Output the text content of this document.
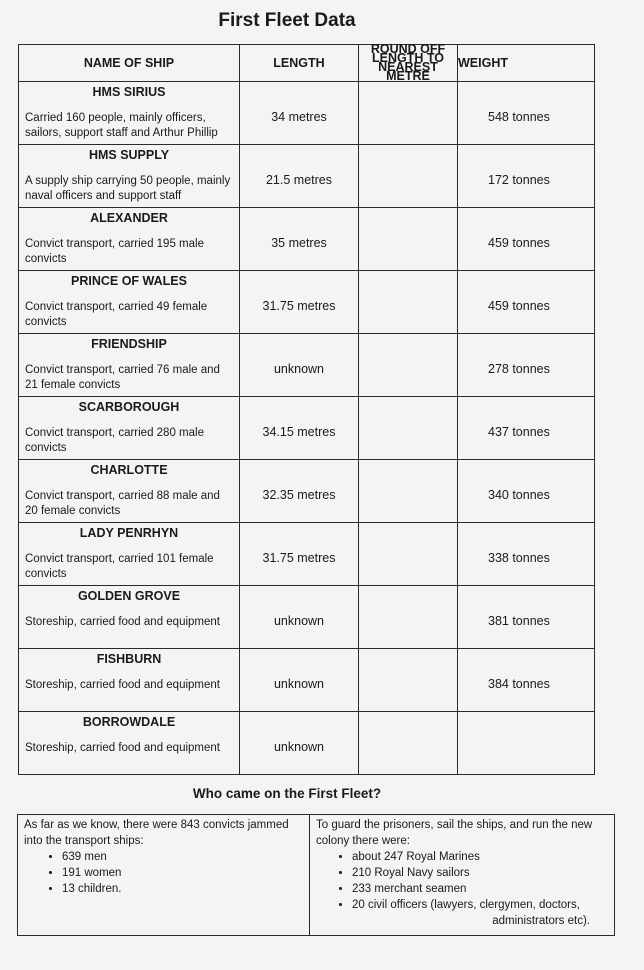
First Fleet Data
NAME OF SHIP	LENGTH	ROUND OFF LENGTH TO NEAREST METRE	WEIGHT

HMS SIRIUS
Carried 160 people, mainly officers, sailors, support staff and Arthur Phillip	34 metres		548 tonnes

HMS SUPPLY
A supply ship carrying 50 people, mainly naval officers and support staff	21.5 metres		172 tonnes

ALEXANDER
Convict transport, carried 195 male convicts	35 metres		459 tonnes

PRINCE OF WALES
Convict transport, carried 49 female convicts	31.75 metres		459 tonnes

FRIENDSHIP
Convict transport, carried 76 male and 21 female convicts	unknown		278 tonnes

SCARBOROUGH
Convict transport, carried 280 male convicts	34.15 metres		437 tonnes

CHARLOTTE
Convict transport, carried 88 male and 20 female convicts	32.35 metres		340 tonnes

LADY PENRHYN
Convict transport, carried 101 female convicts	31.75 metres		338 tonnes

GOLDEN GROVE
Storeship, carried food and equipment	unknown		381 tonnes

FISHBURN
Storeship, carried food and equipment	unknown		384 tonnes

BORROWDALE
Storeship, carried food and equipment	unknown		

Who came on the First Fleet?
As far as we know, there were 843 convicts jammed into the transport ships:
• 639 men
• 191 women
• 13 children.
To guard the prisoners, sail the ships, and run the new colony there were:
• about 247 Royal Marines
• 210 Royal Navy sailors
• 233 merchant seamen
• 20 civil officers (lawyers, clergymen, doctors,
administrators etc).
